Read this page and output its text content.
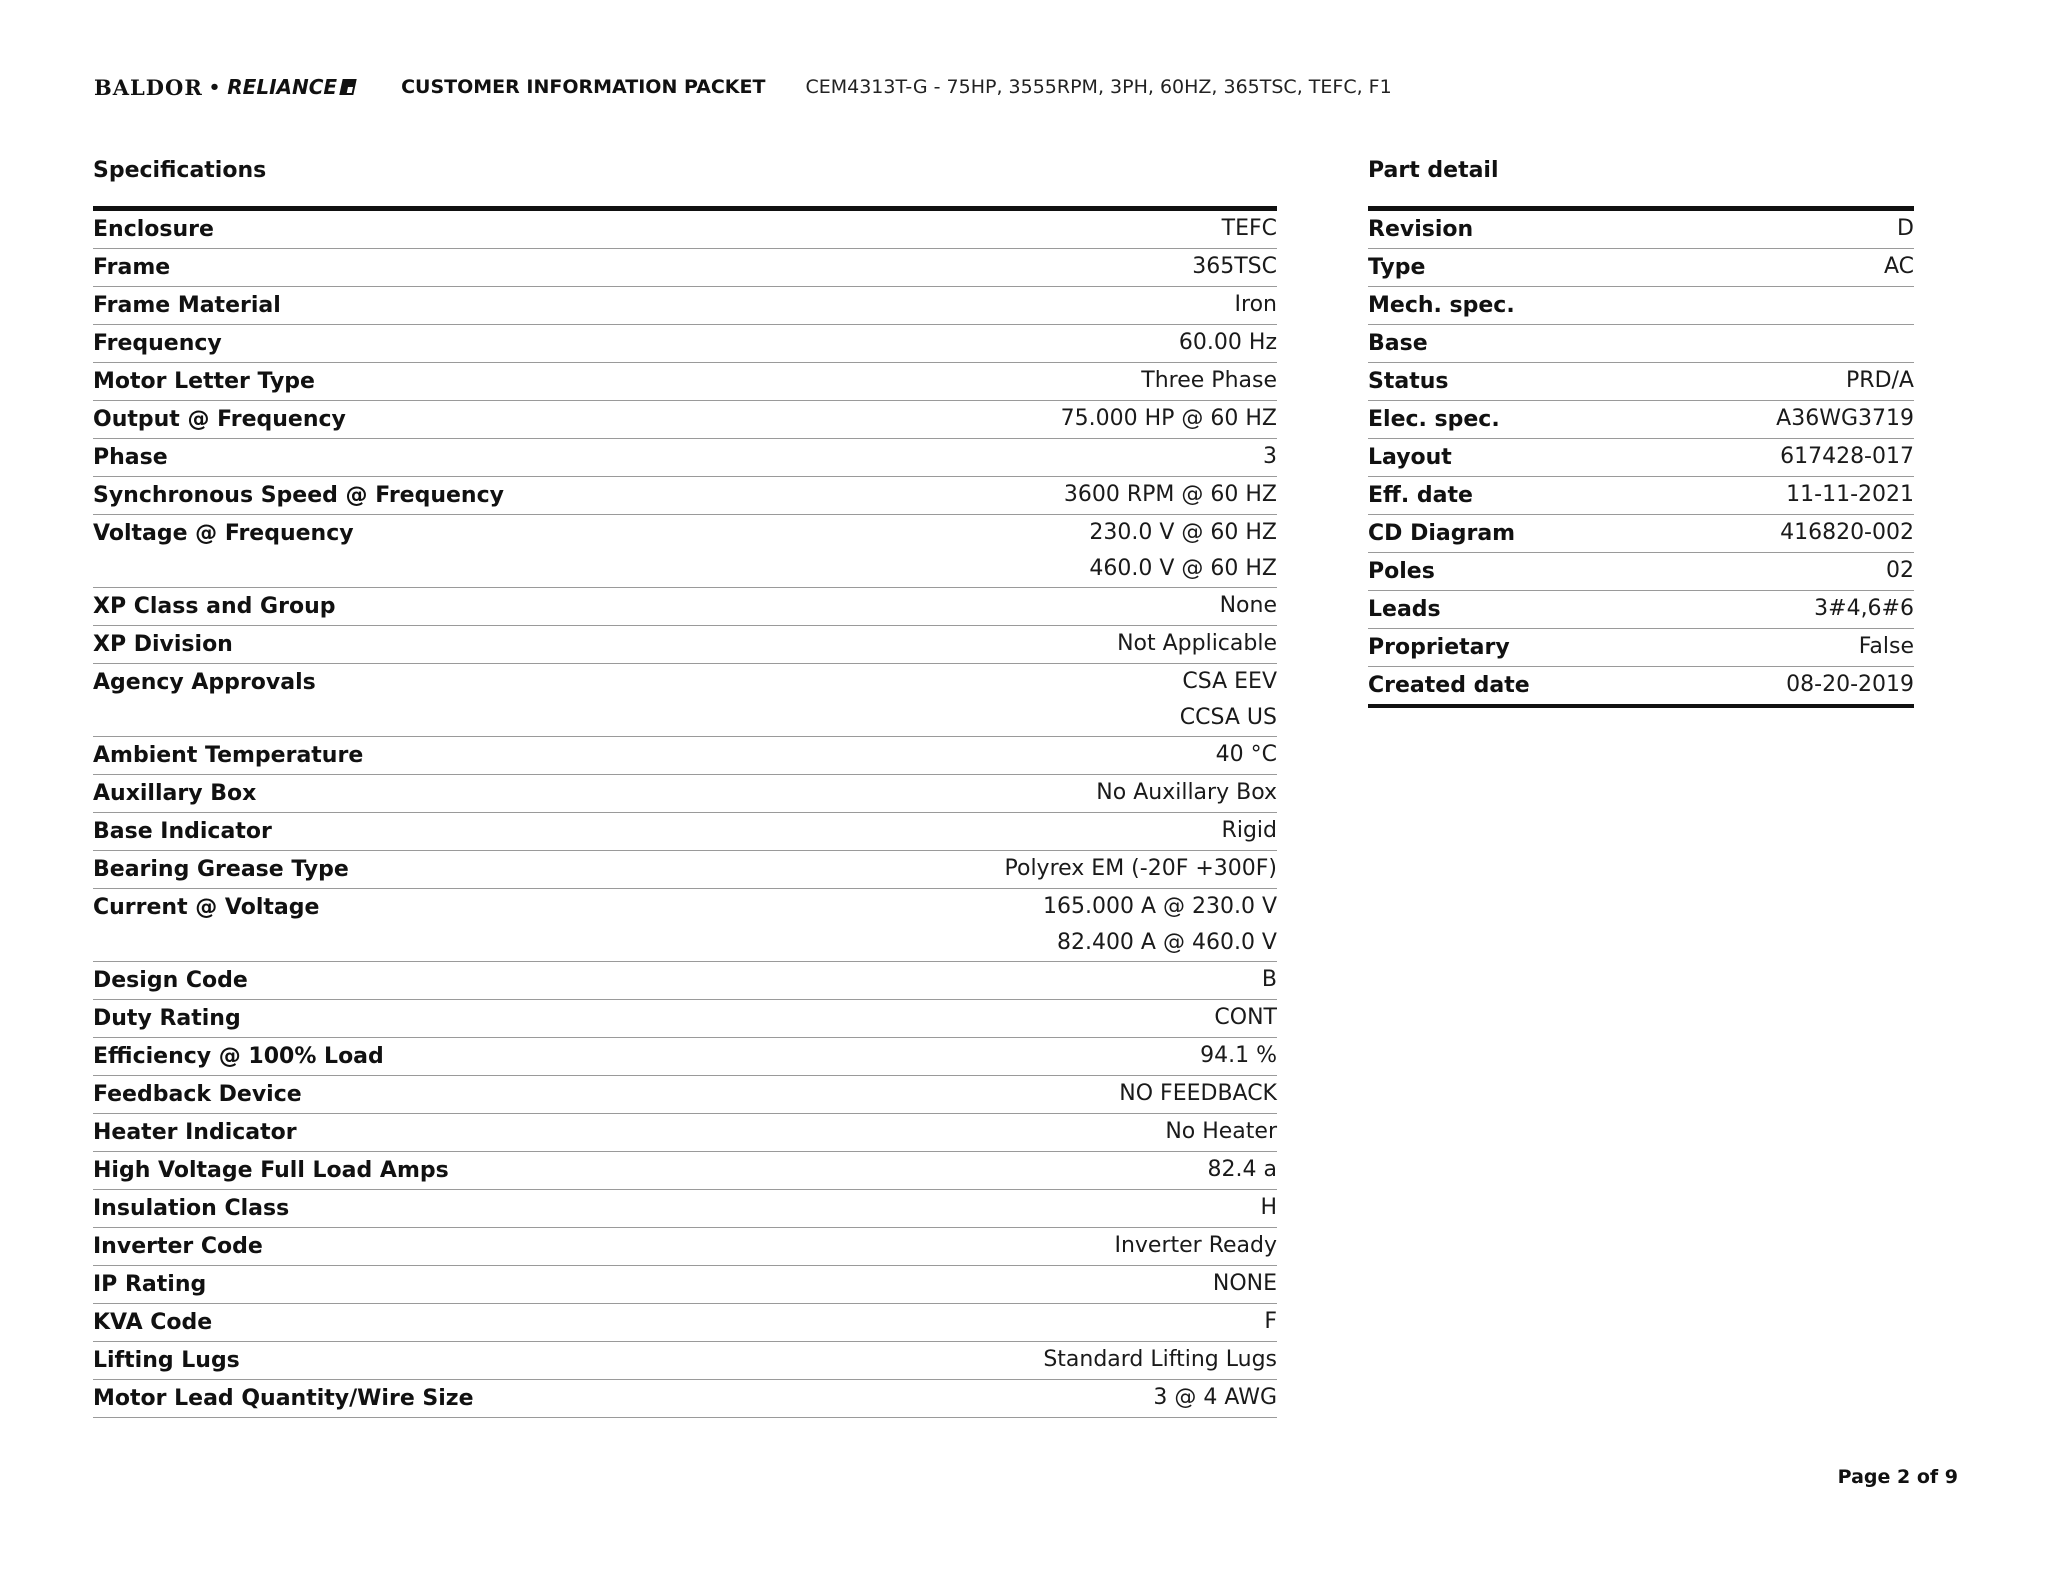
BALDOR • RELIANCE	CUSTOMER INFORMATION PACKET CEM4313T-G - 75HP, 3555RPM, 3PH, 60HZ, 365TSC, TEFC, F1
Specifications
Enclosure	TEFC
Frame	365TSC
Frame Material	Iron
Frequency	60.00 Hz
Motor Letter Type	Three Phase
Output @ Frequency	75.000 HP @ 60 HZ
Phase	3
Synchronous Speed @ Frequency	3600 RPM @ 60 HZ
Voltage @ Frequency	230.0 V @ 60 HZ
460.0 V @ 60 HZ
XP Class and Group	None
XP Division	Not Applicable
Agency Approvals	CSA EEV
CCSA US
Ambient Temperature	40 °C
Auxillary Box	No Auxillary Box
Base Indicator	Rigid
Bearing Grease Type	Polyrex EM (-20F +300F)
Current @ Voltage	165.000 A @ 230.0 V
82.400 A @ 460.0 V
Design Code	B
Duty Rating	CONT
Efficiency @ 100% Load	94.1 %
Feedback Device	NO FEEDBACK
Heater Indicator	No Heater
High Voltage Full Load Amps	82.4 a
Insulation Class	H
Inverter Code	Inverter Ready
IP Rating	NONE
KVA Code	F
Lifting Lugs	Standard Lifting Lugs
Motor Lead Quantity/Wire Size	3 @ 4 AWG
Part detail
Revision	D
Type	AC
Mech. spec.
Base
Status	PRD/A
Elec. spec.	A36WG3719
Layout	617428-017
Eff. date	11-11-2021
CD Diagram	416820-002
Poles	02
Leads	3#4,6#6
Proprietary	False
Created date	08-20-2019
Page 2 of 9
